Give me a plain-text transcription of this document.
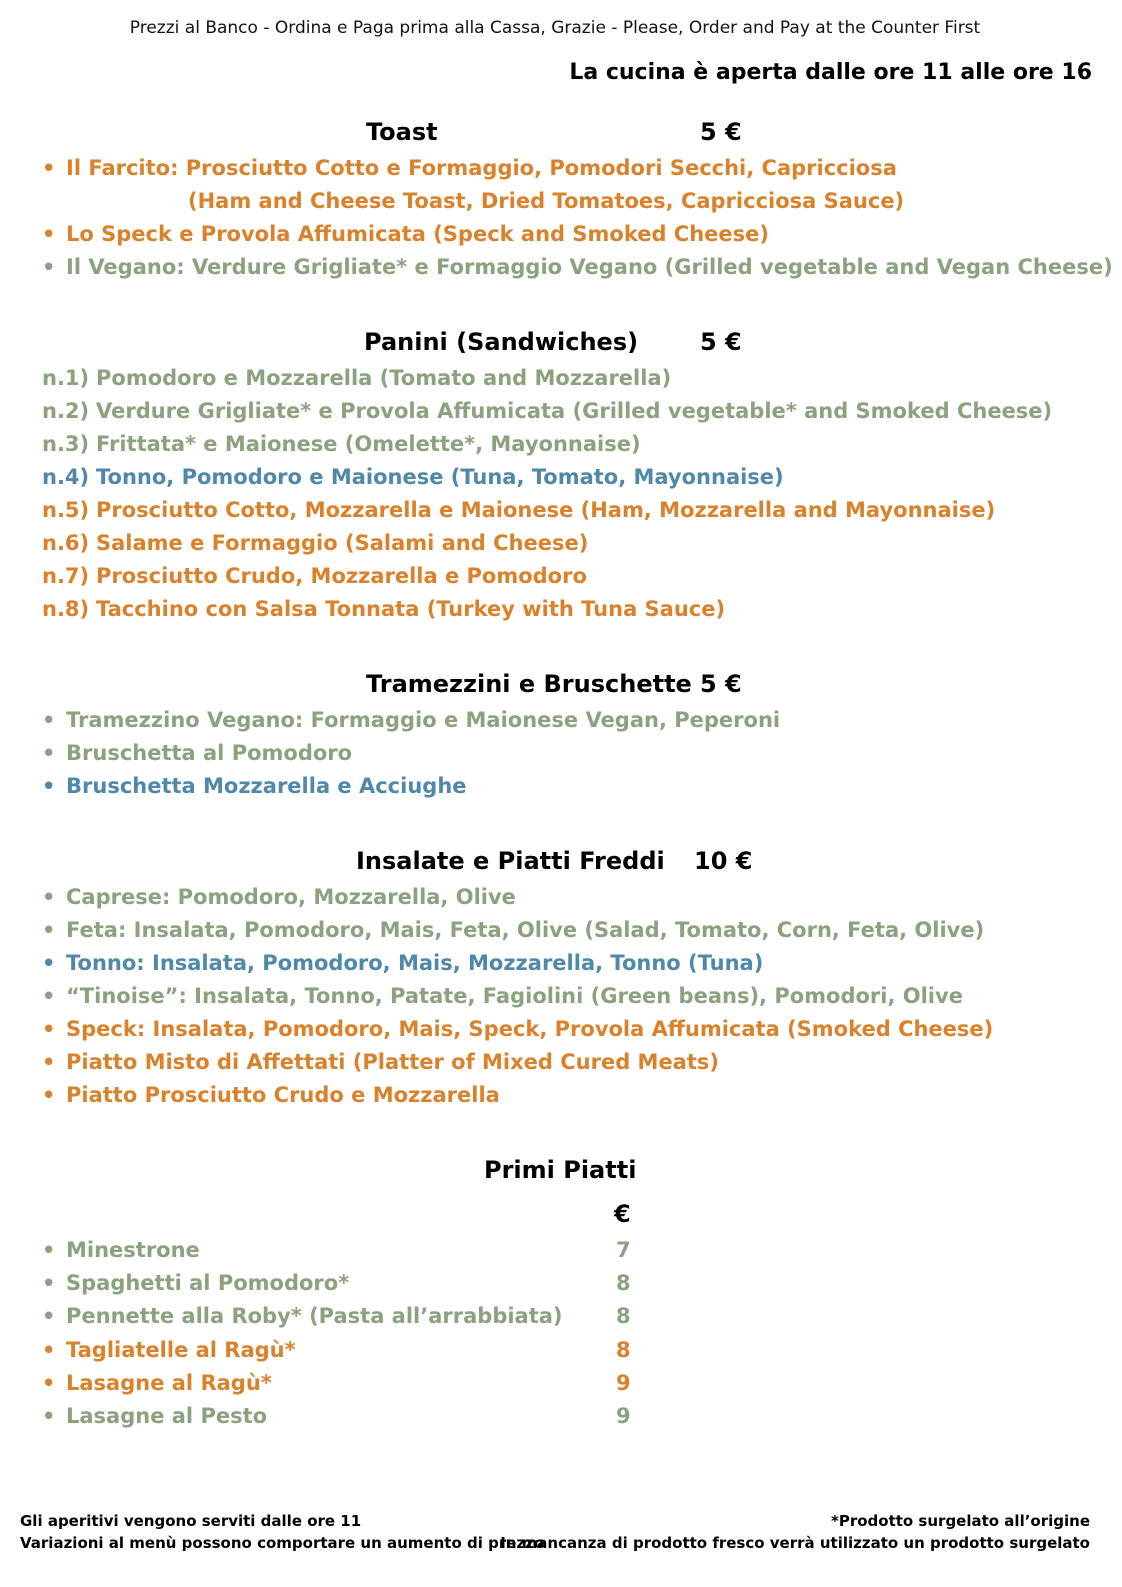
Prezzi al Banco - Ordina e Paga prima alla Cassa, Grazie - Please, Order and Pay at the Counter First
La cucina è aperta dalle ore 11 alle ore 16
Toast	5 €
• Il Farcito: Prosciutto Cotto e Formaggio, Pomodori Secchi, Capricciosa
(Ham and Cheese Toast, Dried Tomatoes, Capricciosa Sauce)
• Lo Speck e Provola Affumicata (Speck and Smoked Cheese)
• Il Vegano: Verdure Grigliate* e Formaggio Vegano (Grilled vegetable and Vegan Cheese)
Panini (Sandwiches)	5 €
n.1) Pomodoro e Mozzarella (Tomato and Mozzarella)
n.2) Verdure Grigliate* e Provola Affumicata (Grilled vegetable* and Smoked Cheese)
n.3) Frittata* e Maionese (Omelette*, Mayonnaise)
n.4) Tonno, Pomodoro e Maionese (Tuna, Tomato, Mayonnaise)
n.5) Prosciutto Cotto, Mozzarella e Maionese (Ham, Mozzarella and Mayonnaise)
n.6) Salame e Formaggio (Salami and Cheese)
n.7) Prosciutto Crudo, Mozzarella e Pomodoro
n.8) Tacchino con Salsa Tonnata (Turkey with Tuna Sauce)
Tramezzini e Bruschette 5 €
• Tramezzino Vegano: Formaggio e Maionese Vegan, Peperoni
• Bruschetta al Pomodoro
• Bruschetta Mozzarella e Acciughe
Insalate e Piatti Freddi 10 €
• Caprese: Pomodoro, Mozzarella, Olive
• Feta: Insalata, Pomodoro, Mais, Feta, Olive (Salad, Tomato, Corn, Feta, Olive)
• Tonno: Insalata, Pomodoro, Mais, Mozzarella, Tonno (Tuna)
• “Tinoise”: Insalata, Tonno, Patate, Fagiolini (Green beans), Pomodori, Olive
• Speck: Insalata, Pomodoro, Mais, Speck, Provola Affumicata (Smoked Cheese)
• Piatto Misto di Affettati (Platter of Mixed Cured Meats)
• Piatto Prosciutto Crudo e Mozzarella
Primi Piatti
€
• Minestrone	7
• Spaghetti al Pomodoro*	8
• Pennette alla Roby* (Pasta all’arrabbiata)	8
• Tagliatelle al Ragù*	8
• Lasagne al Ragù*	9
• Lasagne al Pesto	9
Gli aperitivi vengono serviti dalle ore 11
Variazioni al menù possono comportare un aumento di prezzo
*Prodotto surgelato all’origine
In mancanza di prodotto fresco verrà utilizzato un prodotto surgelato
